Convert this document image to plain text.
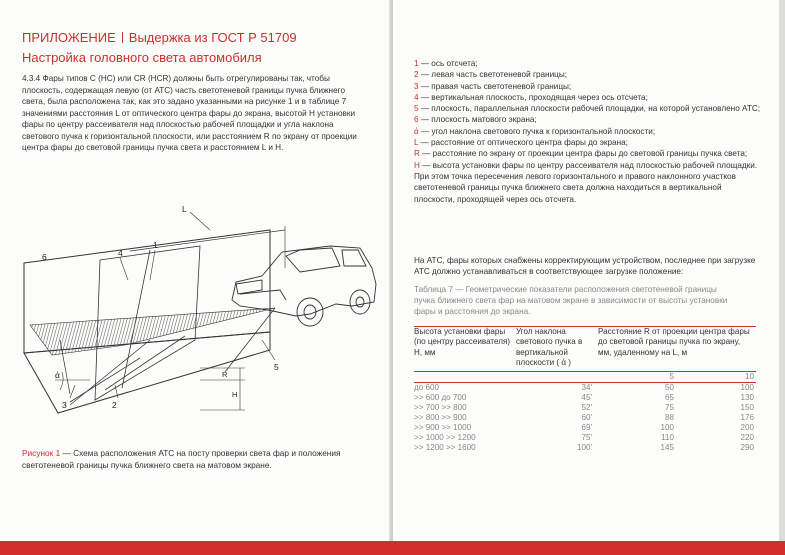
ПРИЛОЖЕНИЕ Выдержка из ГОСТ Р 51709
Настройка головного света автомобиля
4.3.4 Фары типов С (НС) или CR (HCR) должны быть отрегулированы так, чтобы плоскость, содержащая левую (от АТС) часть светотеневой границы пучка ближнего света, была расположена так, как это задано указанными на рисунке 1 и в таблице 7 значениями расстояния L от оптического центра фары до экрана, высотой H установки фары по центру рассеивателя над плоскостью рабочей площадки и угла наклона светового пучка к горизонтальной плоскости, или расстоянием R по экрану от проекции центра фары до световой границы пучка света и расстоянием L и H.
6	4
1
L
5
3	2
ά	R
H
Рисунок 1 — Схема расположения АТС на посту проверки света фар и положения светотеневой границы пучка ближнего света на матовом экране.
1 — ось отсчета;
2 — левая часть светотеневой границы;
3 — правая часть светотеневой границы;
4 — вертикальная плоскость, проходящая через ось отсчета;
5 — плоскость, параллельная плоскости рабочей площадки, на которой установлено АТС;
6 — плоскость матового экрана;
ά — угол наклона светового пучка к горизонтальной плоскости;
L — расстояние от оптического центра фары до экрана;
R — расстояние по экрану от проекции центра фары до световой границы пучка света;
H — высота установки фары по центру рассеивателя над плоскостью рабочей площадки. При этом точка пересечения левого горизонтального и правого наклонного участков светотеневой границы пучка ближнего света должна находиться в вертикальной плоскости, проходящей через ось отсчета.
На АТС, фары которых снабжены корректирующим устройством, последнее при загрузке АТС должно устанавливаться в соответствующее загрузке положение:
Таблица 7 — Геометрические показатели расположения светотеневой границы пучка ближнего света фар на матовом экране в зависимости от высоты установки фары и расстояния до экрана.

Высота установки фары (по центру рассеивателя) H, мм	Угол наклона светового пучка в вертикальной плоскости ( ά )	Расстояние R от проекции центра фары до световой границы пучка по экрану, мм, удаленному на L, м	

		5	10
до 600	34'	50	100
>> 600 до 700	45'	65	130
>> 700 >> 800	52'	75	150
>> 800 >> 900	60'	88	176
>> 900 >> 1000	69'	100	200
>> 1000 >> 1200	75'	110	220
>> 1200 >> 1600	100'	145	290
